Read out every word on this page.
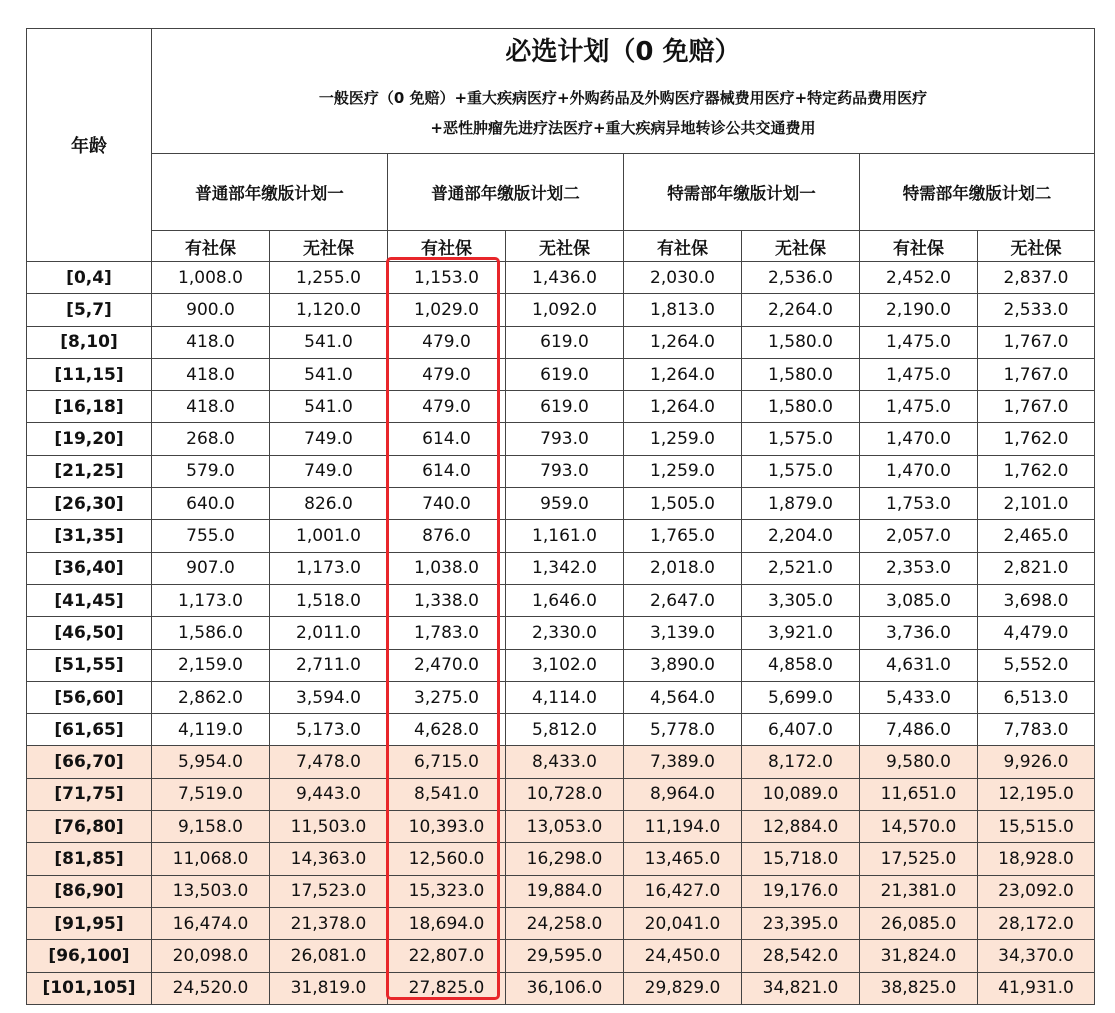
年龄	必选计划（0 免赔）
一般医疗（0 免赔）+重大疾病医疗+外购药品及外购医疗器械费用医疗+特定药品费用医疗
+恶性肿瘤先进疗法医疗+重大疾病异地转诊公共交通费用							

	普通部年缴版计划一		普通部年缴版计划二		特需部年缴版计划一		特需部年缴版计划二	
	有社保	无社保	有社保	无社保	有社保	无社保	有社保	无社保
[0,4]	1,008.0	1,255.0	1,153.0	1,436.0	2,030.0	2,536.0	2,452.0	2,837.0
[5,7]	900.0	1,120.0	1,029.0	1,092.0	1,813.0	2,264.0	2,190.0	2,533.0
[8,10]	418.0	541.0	479.0	619.0	1,264.0	1,580.0	1,475.0	1,767.0
[11,15]	418.0	541.0	479.0	619.0	1,264.0	1,580.0	1,475.0	1,767.0
[16,18]	418.0	541.0	479.0	619.0	1,264.0	1,580.0	1,475.0	1,767.0
[19,20]	268.0	749.0	614.0	793.0	1,259.0	1,575.0	1,470.0	1,762.0
[21,25]	579.0	749.0	614.0	793.0	1,259.0	1,575.0	1,470.0	1,762.0
[26,30]	640.0	826.0	740.0	959.0	1,505.0	1,879.0	1,753.0	2,101.0
[31,35]	755.0	1,001.0	876.0	1,161.0	1,765.0	2,204.0	2,057.0	2,465.0
[36,40]	907.0	1,173.0	1,038.0	1,342.0	2,018.0	2,521.0	2,353.0	2,821.0
[41,45]	1,173.0	1,518.0	1,338.0	1,646.0	2,647.0	3,305.0	3,085.0	3,698.0
[46,50]	1,586.0	2,011.0	1,783.0	2,330.0	3,139.0	3,921.0	3,736.0	4,479.0
[51,55]	2,159.0	2,711.0	2,470.0	3,102.0	3,890.0	4,858.0	4,631.0	5,552.0
[56,60]	2,862.0	3,594.0	3,275.0	4,114.0	4,564.0	5,699.0	5,433.0	6,513.0
[61,65]	4,119.0	5,173.0	4,628.0	5,812.0	5,778.0	6,407.0	7,486.0	7,783.0
[66,70]	5,954.0	7,478.0	6,715.0	8,433.0	7,389.0	8,172.0	9,580.0	9,926.0
[71,75]	7,519.0	9,443.0	8,541.0	10,728.0	8,964.0	10,089.0	11,651.0	12,195.0
[76,80]	9,158.0	11,503.0	10,393.0	13,053.0	11,194.0	12,884.0	14,570.0	15,515.0
[81,85]	11,068.0	14,363.0	12,560.0	16,298.0	13,465.0	15,718.0	17,525.0	18,928.0
[86,90]	13,503.0	17,523.0	15,323.0	19,884.0	16,427.0	19,176.0	21,381.0	23,092.0
[91,95]	16,474.0	21,378.0	18,694.0	24,258.0	20,041.0	23,395.0	26,085.0	28,172.0
[96,100]	20,098.0	26,081.0	22,807.0	29,595.0	24,450.0	28,542.0	31,824.0	34,370.0
[101,105]	24,520.0	31,819.0	27,825.0	36,106.0	29,829.0	34,821.0	38,825.0	41,931.0
